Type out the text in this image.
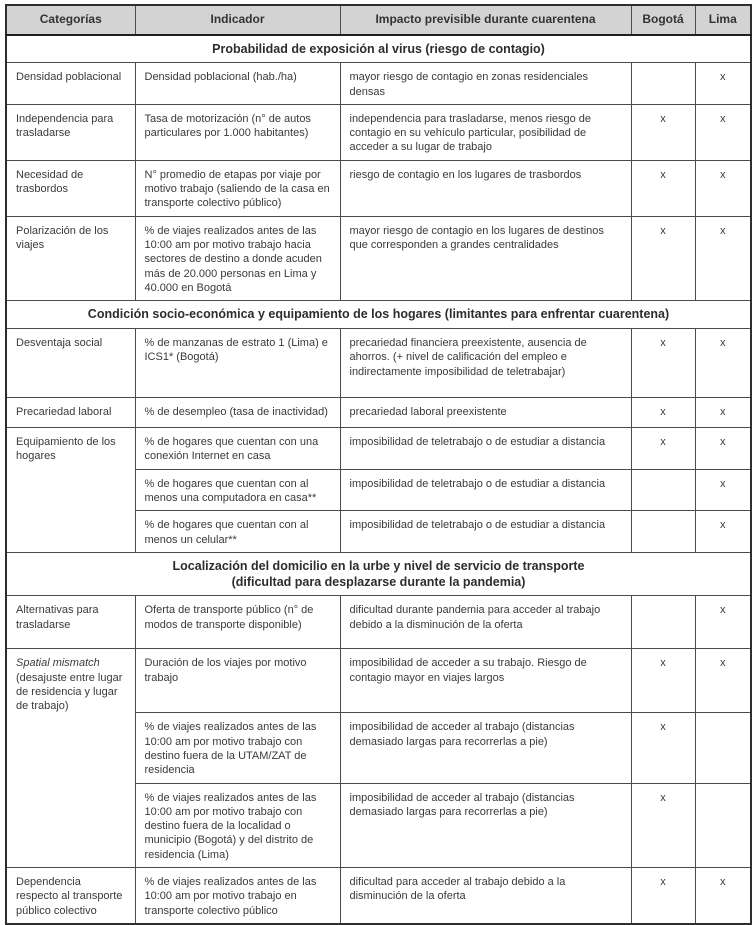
Categorías	Indicador	Impacto previsible durante cuarentena	Bogotá	Lima
Probabilidad de exposición al virus (riesgo de contagio)				
Densidad poblacional	Densidad poblacional (hab./ha)	mayor riesgo de contagio en zonas residenciales densas		x
Independencia para trasladarse	Tasa de motorización (n° de autos particulares por 1.000 habitantes)	independencia para trasladarse, menos riesgo de contagio en su vehículo particular, posibilidad de acceder a su lugar de trabajo	x	x
Necesidad de trasbordos	N° promedio de etapas por viaje por motivo trabajo (saliendo de la casa en transporte colectivo público)	riesgo de contagio en los lugares de trasbordos	x	x
Polarización de los viajes	% de viajes realizados antes de las 10:00 am por motivo trabajo hacia sectores de destino a donde acuden más de 20.000 personas en Lima y 40.000 en Bogotá	mayor riesgo de contagio en los lugares de destinos que corresponden a grandes centralidades	x	x
Condición socio-económica y equipamiento de los hogares (limitantes para enfrentar cuarentena)				
Desventaja social	% de manzanas de estrato 1 (Lima) e ICS1* (Bogotá)	precariedad financiera preexistente, ausencia de ahorros. (+ nivel de calificación del empleo e indirectamente imposibilidad de teletrabajar)	x	x
Precariedad laboral	% de desempleo (tasa de inactividad)	precariedad laboral preexistente	x	x
Equipamiento de los hogares	% de hogares que cuentan con una conexión Internet en casa	imposibilidad de teletrabajo o de estudiar a distancia	x	x
	% de hogares que cuentan con al menos una computadora en casa**	imposibilidad de teletrabajo o de estudiar a distancia		x
	% de hogares que cuentan con al menos un celular**	imposibilidad de teletrabajo o de estudiar a distancia		x

Localización del domicilio en la urbe y nivel de servicio de transporte
(dificultad para desplazarse durante la pandemia)				

Alternativas para trasladarse	Oferta de transporte público (n° de modos de transporte disponible)	dificultad durante pandemia para acceder al trabajo debido a la disminución de la oferta		x
Spatial mismatch (desajuste entre lugar de residencia y lugar de trabajo)	Duración de los viajes por motivo trabajo	imposibilidad de acceder a su trabajo. Riesgo de contagio mayor en viajes largos	x	x
	% de viajes realizados antes de las 10:00 am por motivo trabajo con destino fuera de la UTAM/ZAT de residencia	imposibilidad de acceder al trabajo (distancias demasiado largas para recorrerlas a pie)	x	
	% de viajes realizados antes de las 10:00 am por motivo trabajo con destino fuera de la localidad o municipio (Bogotá) y del distrito de residencia (Lima)	imposibilidad de acceder al trabajo (distancias demasiado largas para recorrerlas a pie)	x	
Dependencia respecto al transporte público colectivo	% de viajes realizados antes de las 10:00 am por motivo trabajo en transporte colectivo público	dificultad para acceder al trabajo debido a la disminución de la oferta	x	x
